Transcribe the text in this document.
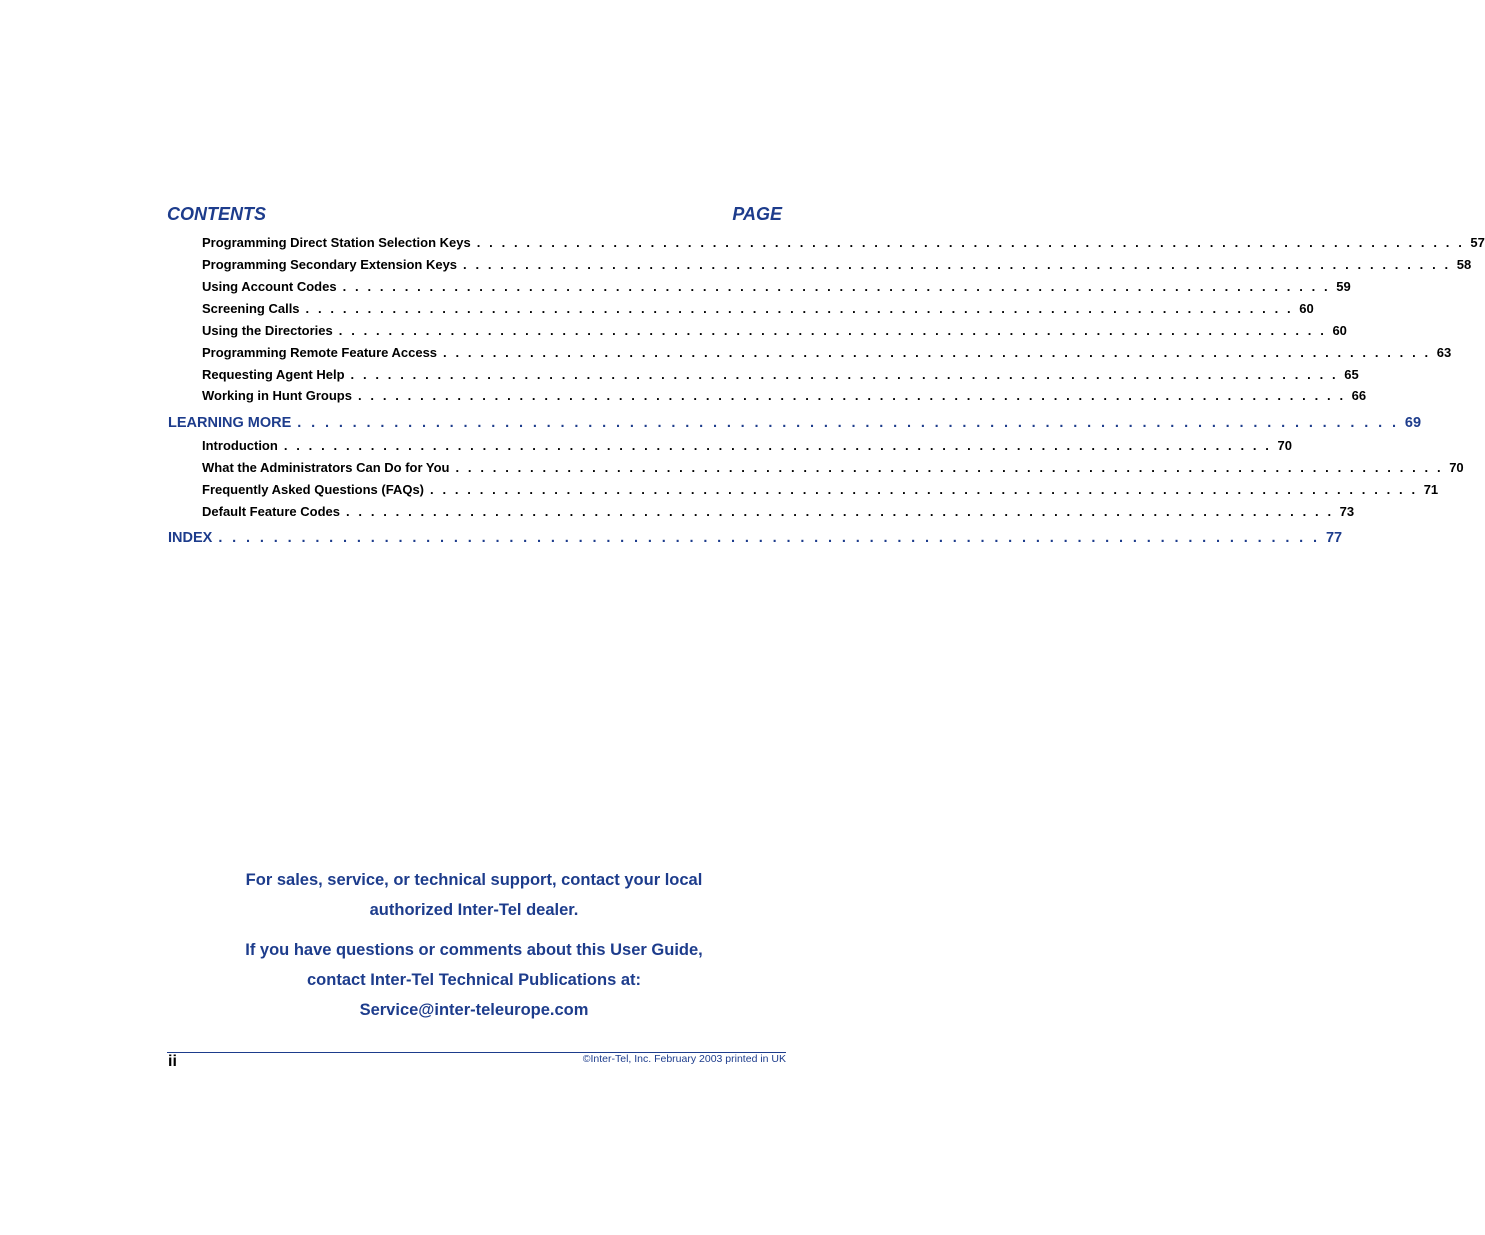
CONTENTS	PAGE
Programming Direct Station Selection Keys . . . . . . . . . . . . . . . . . . . . . . . . . . . . . . . . . . . . . . . . . . . . . . . . . . . . . . . . . . . . . . . . . . . . . . . . . . . . . . . . 57
Programming Secondary Extension Keys . . . . . . . . . . . . . . . . . . . . . . . . . . . . . . . . . . . . . . . . . . . . . . . . . . . . . . . . . . . . . . . . . . . . . . . . . . . . . . . . 58
Using Account Codes . . . . . . . . . . . . . . . . . . . . . . . . . . . . . . . . . . . . . . . . . . . . . . . . . . . . . . . . . . . . . . . . . . . . . . . . . . . . . . . . 59
Screening Calls . . . . . . . . . . . . . . . . . . . . . . . . . . . . . . . . . . . . . . . . . . . . . . . . . . . . . . . . . . . . . . . . . . . . . . . . . . . . . . . . 60
Using the Directories . . . . . . . . . . . . . . . . . . . . . . . . . . . . . . . . . . . . . . . . . . . . . . . . . . . . . . . . . . . . . . . . . . . . . . . . . . . . . . . . 60
Programming Remote Feature Access . . . . . . . . . . . . . . . . . . . . . . . . . . . . . . . . . . . . . . . . . . . . . . . . . . . . . . . . . . . . . . . . . . . . . . . . . . . . . . . . 63
Requesting Agent Help . . . . . . . . . . . . . . . . . . . . . . . . . . . . . . . . . . . . . . . . . . . . . . . . . . . . . . . . . . . . . . . . . . . . . . . . . . . . . . . . 65
Working in Hunt Groups . . . . . . . . . . . . . . . . . . . . . . . . . . . . . . . . . . . . . . . . . . . . . . . . . . . . . . . . . . . . . . . . . . . . . . . . . . . . . . . . 66
LEARNING MORE . . . . . . . . . . . . . . . . . . . . . . . . . . . . . . . . . . . . . . . . . . . . . . . . . . . . . . . . . . . . . . . . . . . . . . . . . . . . . . . . 69
Introduction . . . . . . . . . . . . . . . . . . . . . . . . . . . . . . . . . . . . . . . . . . . . . . . . . . . . . . . . . . . . . . . . . . . . . . . . . . . . . . . . 70
What the Administrators Can Do for You . . . . . . . . . . . . . . . . . . . . . . . . . . . . . . . . . . . . . . . . . . . . . . . . . . . . . . . . . . . . . . . . . . . . . . . . . . . . . . . . 70
Frequently Asked Questions (FAQs) . . . . . . . . . . . . . . . . . . . . . . . . . . . . . . . . . . . . . . . . . . . . . . . . . . . . . . . . . . . . . . . . . . . . . . . . . . . . . . . . 71
Default Feature Codes . . . . . . . . . . . . . . . . . . . . . . . . . . . . . . . . . . . . . . . . . . . . . . . . . . . . . . . . . . . . . . . . . . . . . . . . . . . . . . . . 73
INDEX . . . . . . . . . . . . . . . . . . . . . . . . . . . . . . . . . . . . . . . . . . . . . . . . . . . . . . . . . . . . . . . . . . . . . . . . . . . . . . . . 77
For sales, service, or technical support, contact your local
authorized Inter-Tel dealer.
If you have questions or comments about this User Guide,
contact Inter-Tel Technical Publications at:
Service@inter-teleurope.com
ii	©Inter-Tel, Inc. February 2003 printed in UK
